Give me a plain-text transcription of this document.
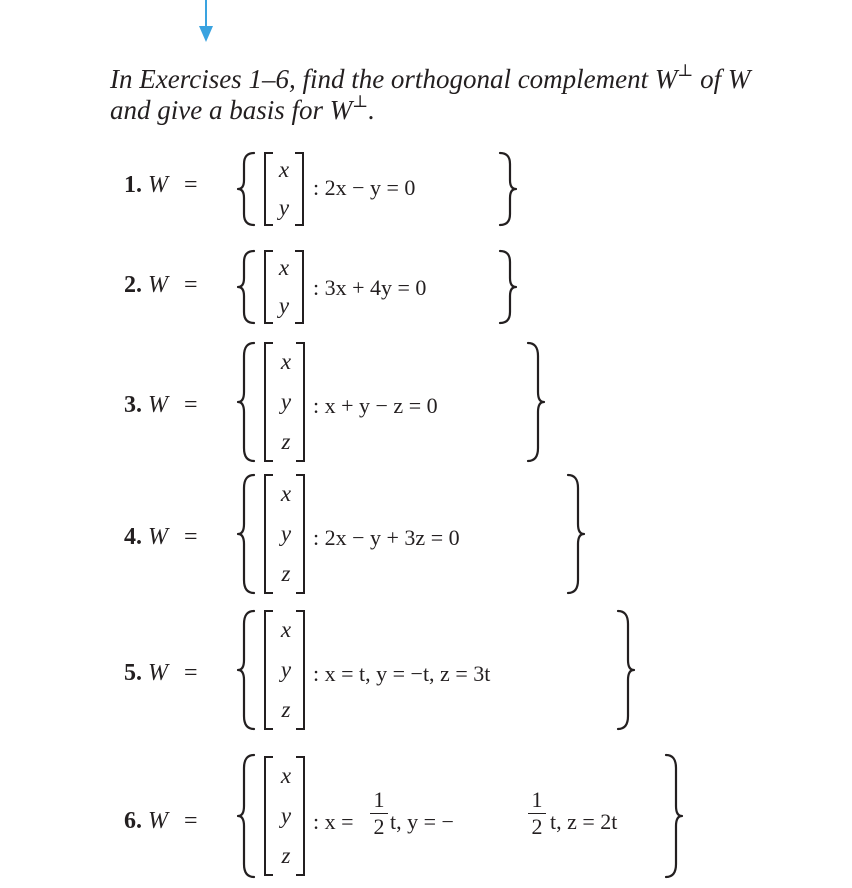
In Exercises 1–6, find the orthogonal complement W⊥ of W
and give a basis for W⊥.
1. W =
x
y
: 2x − y = 0
2. W =
x
y
: 3x + 4y = 0
3. W =
x
y
z
: x + y − z = 0
4. W =
x
y
z
: 2x − y + 3z = 0
5. W =
x
y
z
: x = t, y = −t, z = 3t
6. W =
x
y
z
: x =
1
2 t, y = −
1
2 t, z = 2t
